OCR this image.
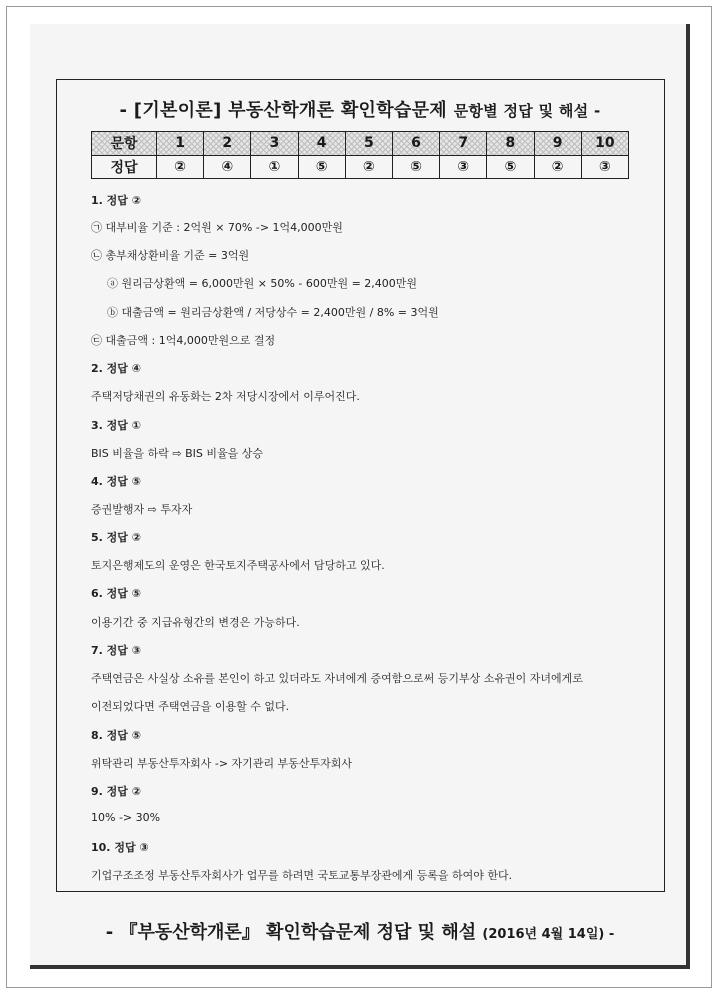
- [기본이론] 부동산학개론 확인학습문제 문항별 정답 및 해설 -
문항	1	2	3	4	5	6	7	8	9	10
정답	②	④	①	⑤	②	⑤	③	⑤	②	③
1. 정답 ②
㉠ 대부비율 기준 : 2억원 × 70% -> 1억4,000만원
㉡ 총부채상환비율 기준 = 3억원
ⓐ 원리금상환액 = 6,000만원 × 50% - 600만원 = 2,400만원
ⓑ 대출금액 = 원리금상환액 / 저당상수 = 2,400만원 / 8% = 3억원
㉢ 대출금액 : 1억4,000만원으로 결정
2. 정답 ④
주택저당채권의 유동화는 2차 저당시장에서 이루어진다.
3. 정답 ①
BIS 비율을 하락 ⇨ BIS 비율을 상승
4. 정답 ⑤
증권발행자 ⇨ 투자자
5. 정답 ②
토지은행제도의 운영은 한국토지주택공사에서 담당하고 있다.
6. 정답 ⑤
이용기간 중 지급유형간의 변경은 가능하다.
7. 정답 ③
주택연금은 사실상 소유를 본인이 하고 있더라도 자녀에게 증여함으로써 등기부상 소유권이 자녀에게로
이전되었다면 주택연금을 이용할 수 없다.
8. 정답 ⑤
위탁관리 부동산투자회사 -> 자기관리 부동산투자회사
9. 정답 ②
10% -> 30%
10. 정답 ③
기업구조조정 부동산투자회사가 업무를 하려면 국토교통부장관에게 등록을 하여야 한다.
- 『부동산학개론』 확인학습문제 정답 및 해설 (2016년 4월 14일) -
